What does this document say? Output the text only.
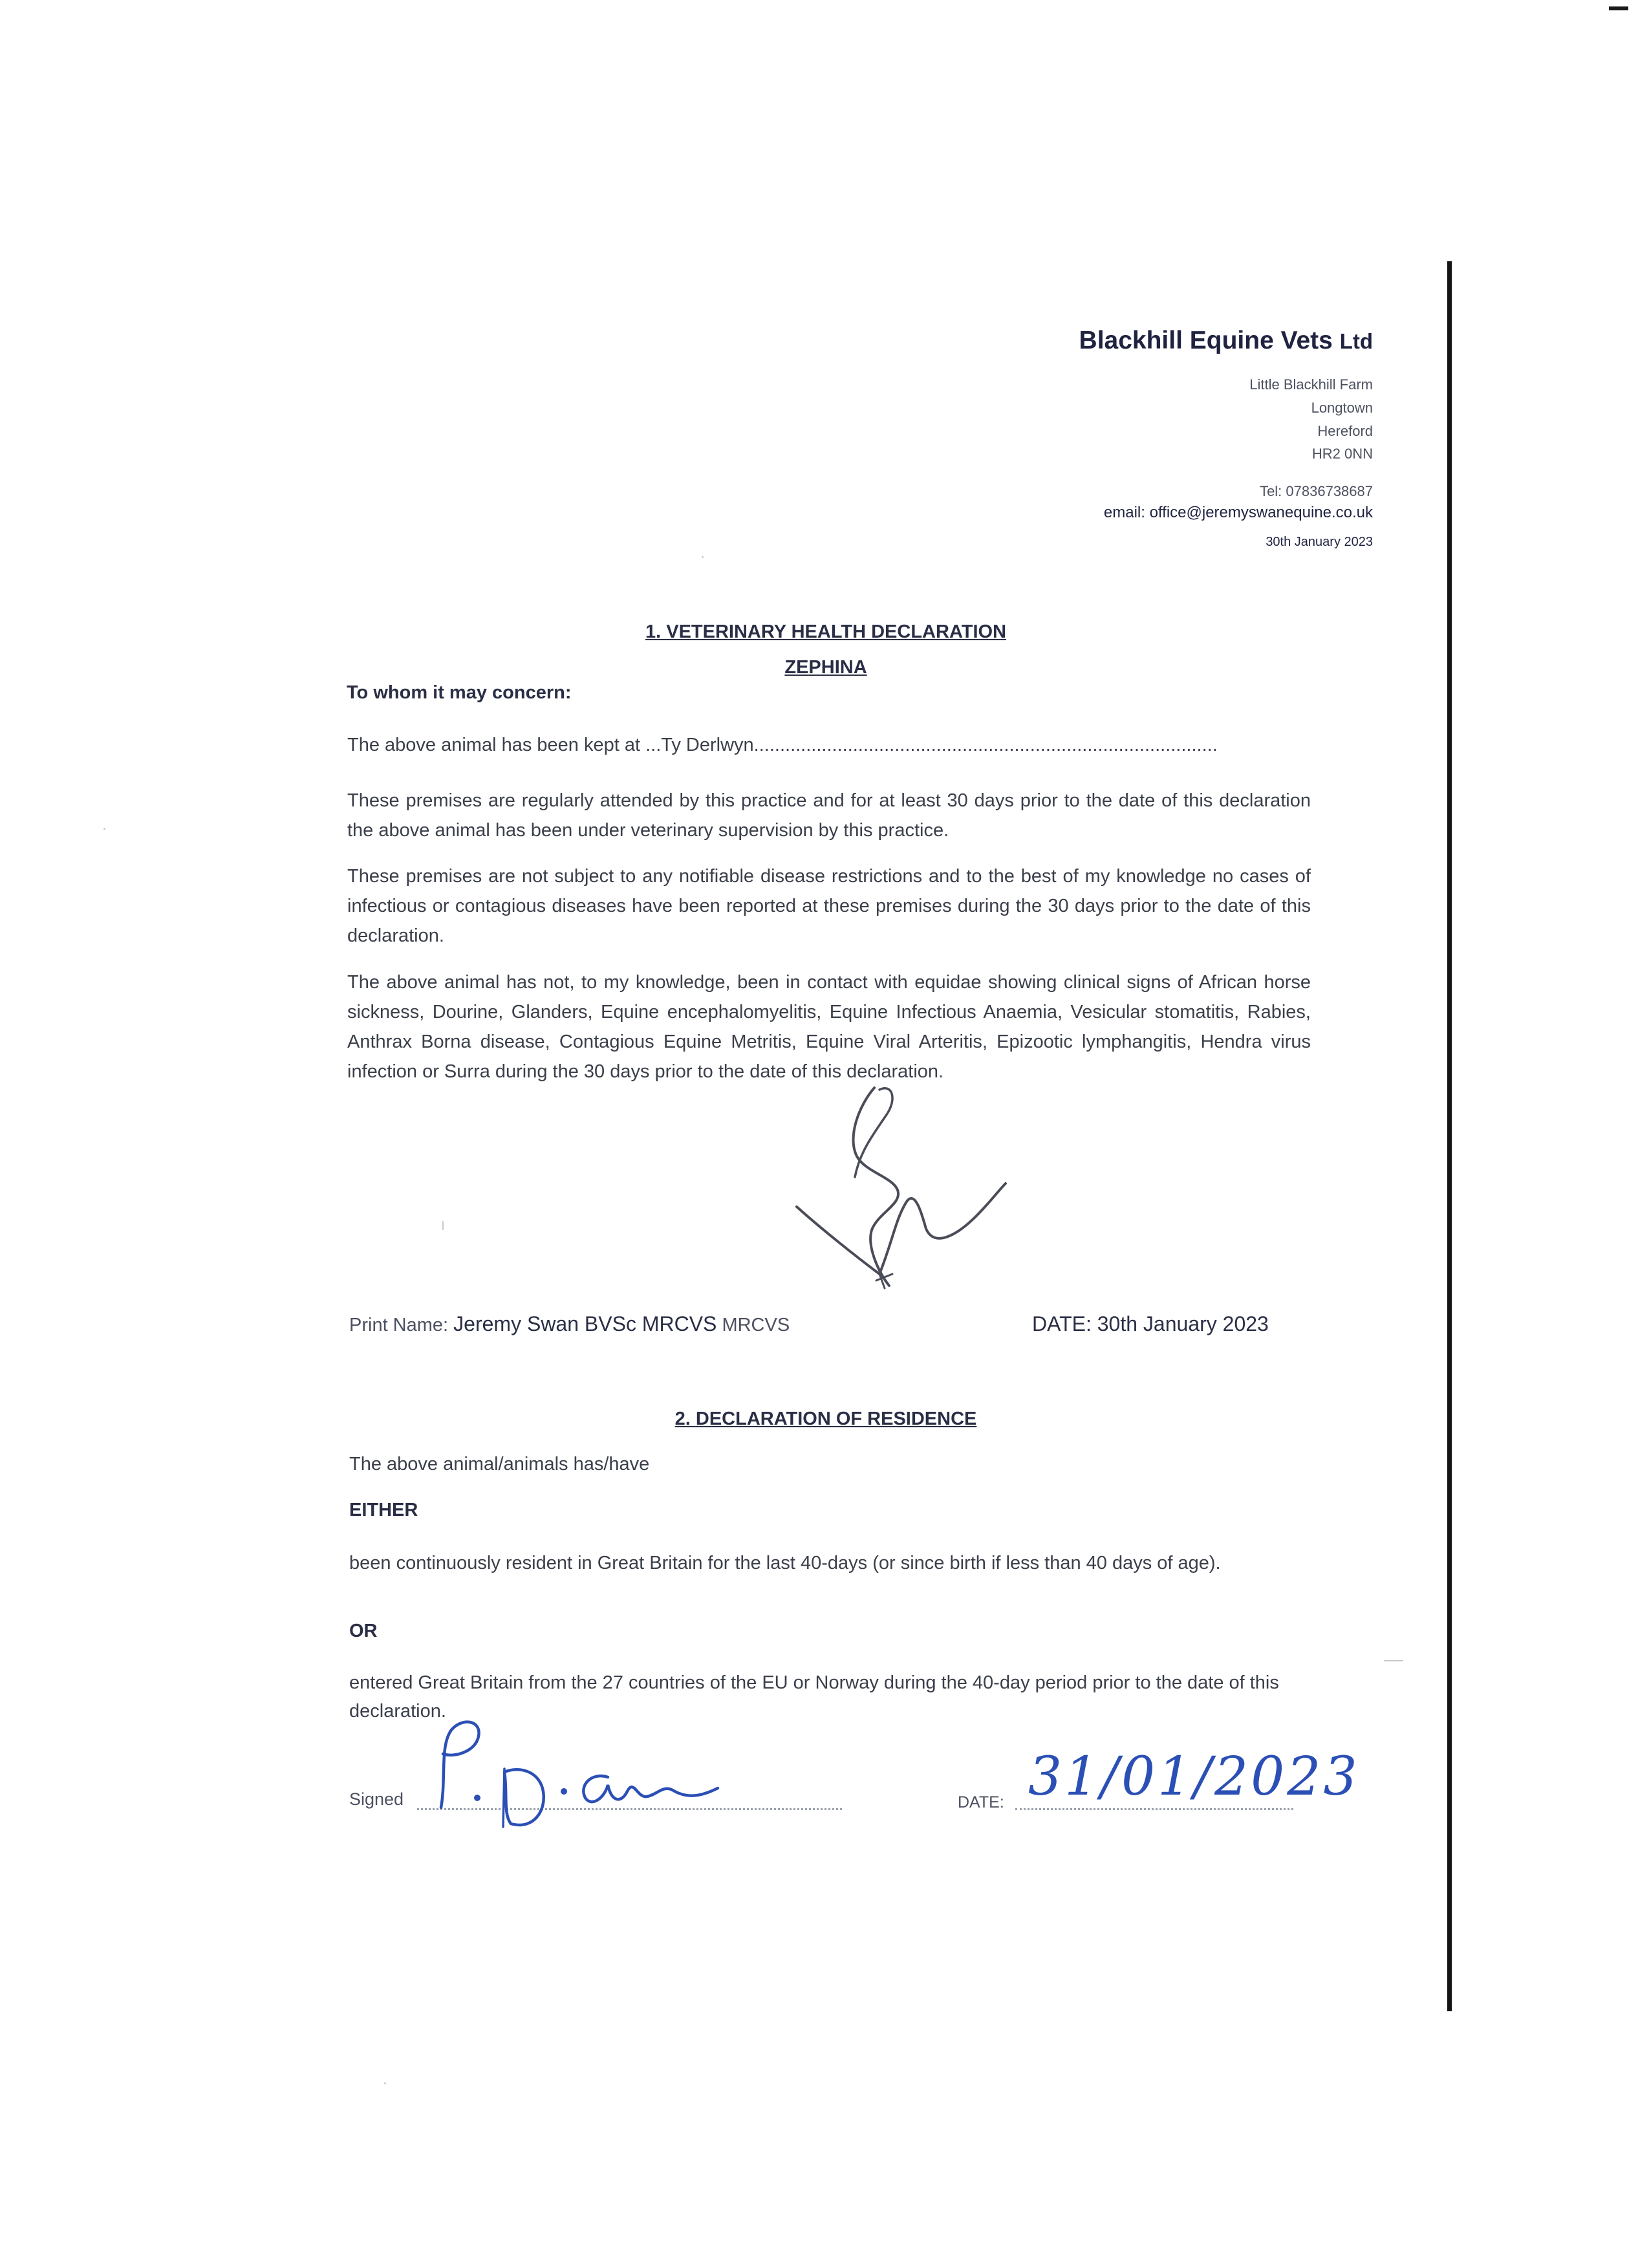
Blackhill Equine Vets Ltd
Little Blackhill Farm
Longtown
Hereford
HR2 0NN
Tel: 07836738687
email: office@jeremyswanequine.co.uk
30th January 2023
1. VETERINARY HEALTH DECLARATION
ZEPHINA
To whom it may concern:
The above animal has been kept at ...Ty Derlwyn.........................................................................................
These premises are regularly attended by this practice and for at least 30 days prior to the date of this declaration the above animal has been under veterinary supervision by this practice.
These premises are not subject to any notifiable disease restrictions and to the best of my knowledge no cases of infectious or contagious diseases have been reported at these premises during the 30 days prior to the date of this declaration.
The above animal has not, to my knowledge, been in contact with equidae showing clinical signs of African horse sickness, Dourine, Glanders, Equine encephalomyelitis, Equine Infectious Anaemia, Vesicular stomatitis, Rabies, Anthrax Borna disease, Contagious Equine Metritis, Equine Viral Arteritis, Epizootic lymphangitis, Hendra virus infection or Surra during the 30 days prior to the date of this declaration.
Print Name: Jeremy Swan BVSc MRCVS MRCVS	DATE: 30th January 2023
2. DECLARATION OF RESIDENCE
The above animal/animals has/have
EITHER
been continuously resident in Great Britain for the last 40-days (or since birth if less than 40 days of age).
OR
entered Great Britain from the 27 countries of the EU or Norway during the 40-day period prior to the date of this declaration.
Signed	DATE: 31/01/2023
